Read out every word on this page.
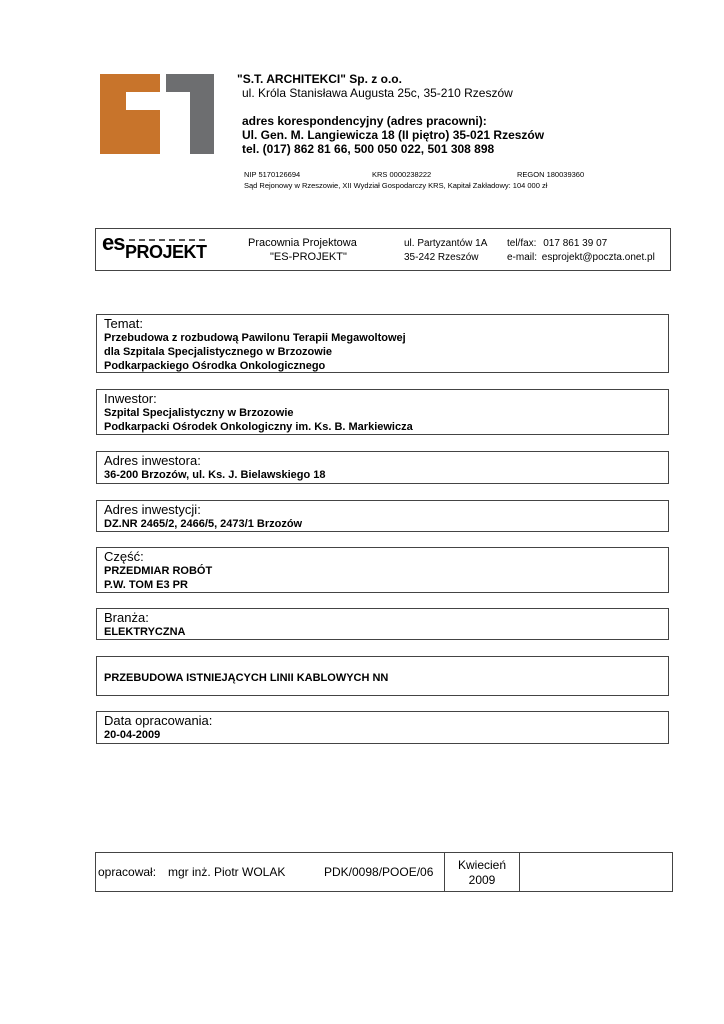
"S.T. ARCHITEKCI" Sp. z o.o.
ul. Króla Stanisława Augusta 25c, 35-210 Rzeszów
adres korespondencyjny (adres pracowni):
Ul. Gen. M. Langiewicza 18 (II piętro) 35-021 Rzeszów
tel. (017) 862 81 66, 500 050 022, 501 308 898
NIP 5170126694	KRS 0000238222	REGON 180039360
Sąd Rejonowy w Rzeszowie, XII Wydział Gospodarczy KRS, Kapitał Zakładowy: 104 000 zł
es PROJEKT	Pracownia Projektowa
"ES-PROJEKT"
ul. Partyzantów 1A
35-242 Rzeszów
tel/fax: 017 861 39 07
e-mail: esprojekt@poczta.onet.pl
Temat:
Przebudowa z rozbudową Pawilonu Terapii Megawoltowej
dla Szpitala Specjalistycznego w Brzozowie
Podkarpackiego Ośrodka Onkologicznego
Inwestor:
Szpital Specjalistyczny w Brzozowie
Podkarpacki Ośrodek Onkologiczny im. Ks. B. Markiewicza
Adres inwestora:
36-200 Brzozów, ul. Ks. J. Bielawskiego 18
Adres inwestycji:
DZ.NR 2465/2, 2466/5, 2473/1 Brzozów
Część:
PRZEDMIAR ROBÓT
P.W. TOM E3 PR
Branża:
ELEKTRYCZNA
PRZEBUDOWA ISTNIEJĄCYCH LINII KABLOWYCH NN
Data opracowania:
20-04-2009
opracował: mgr inż. Piotr WOLAK	PDK/0098/POOE/06	Kwiecień
2009
